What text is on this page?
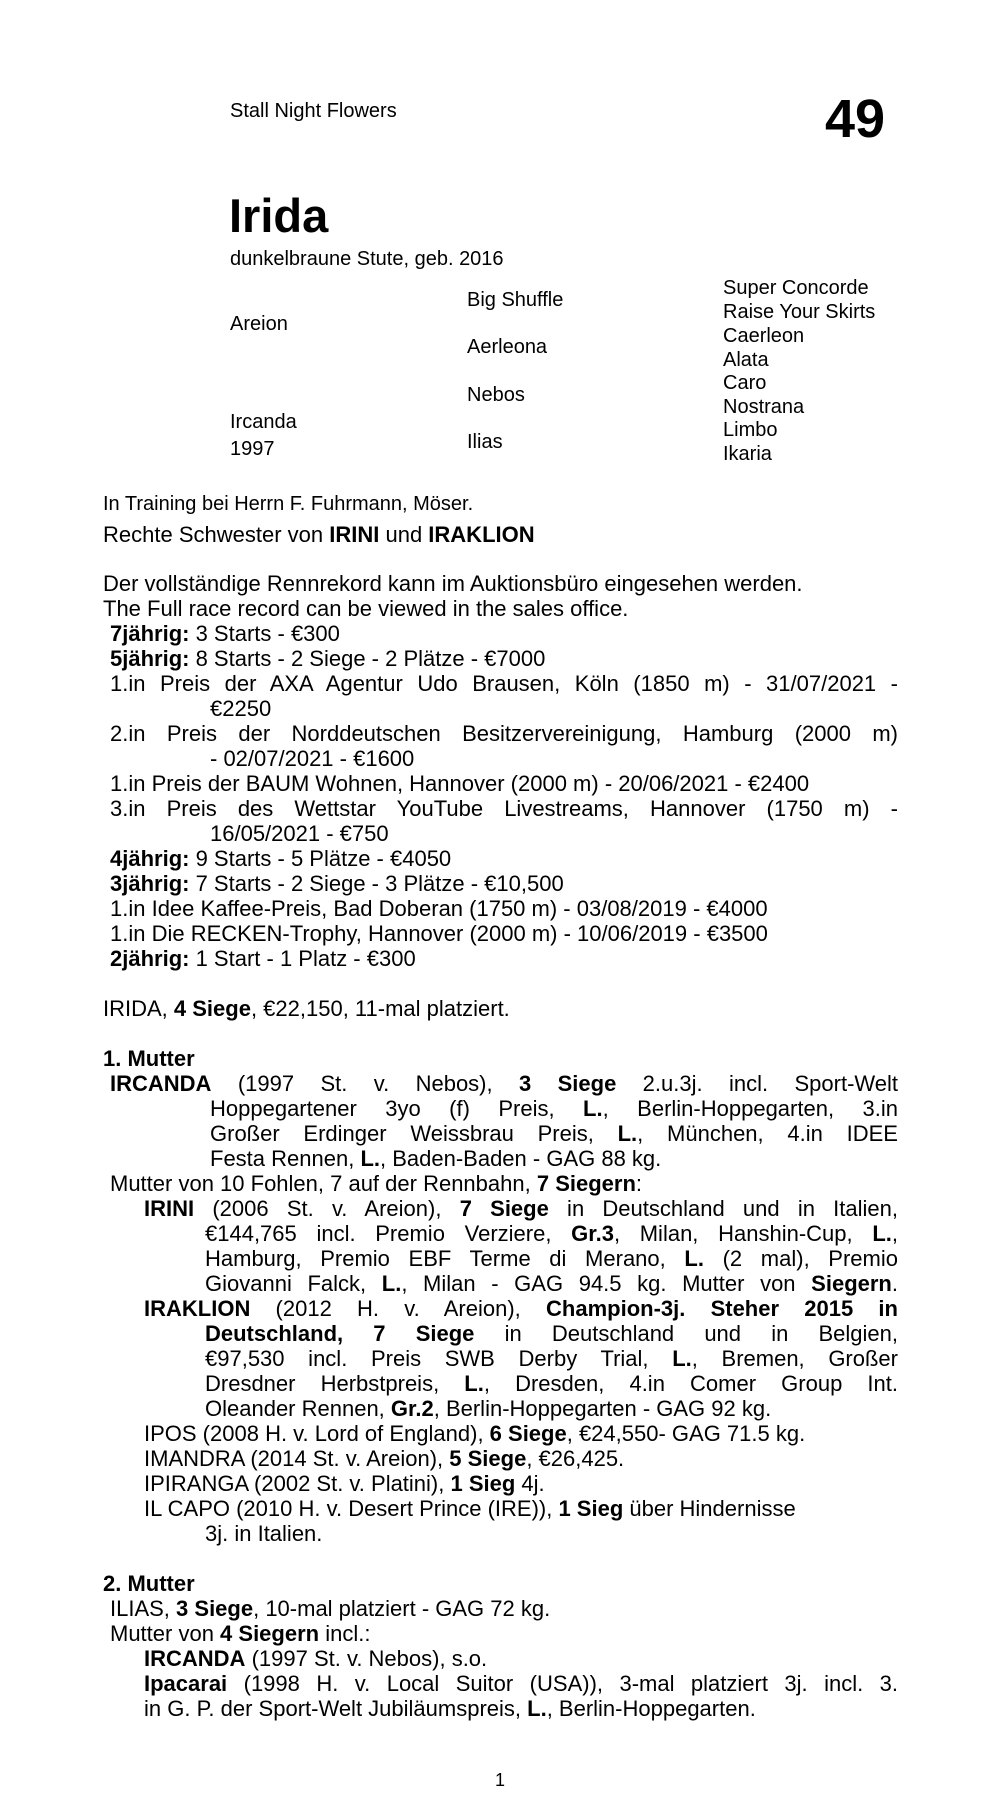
Stall Night Flowers	49
Irida
dunkelbraune Stute, geb. 2016
Areion
Ircanda
1997
Big Shuffle
Aerleona
Nebos
Ilias
Super Concorde
Raise Your Skirts
Caerleon
Alata
Caro
Nostrana
Limbo
Ikaria
In Training bei Herrn F. Fuhrmann, Möser.
Rechte Schwester von IRINI und IRAKLION
Der vollständige Rennrekord kann im Auktionsbüro eingesehen werden.
The Full race record can be viewed in the sales office.
7jährig: 3 Starts - €300
5jährig: 8 Starts - 2 Siege - 2 Plätze - €7000
1.in Preis der AXA Agentur Udo Brausen, Köln (1850 m) - 31/07/2021 -
€2250
2.in Preis der Norddeutschen Besitzervereinigung, Hamburg (2000 m)
- 02/07/2021 - €1600
1.in Preis der BAUM Wohnen, Hannover (2000 m) - 20/06/2021 - €2400
3.in Preis des Wettstar YouTube Livestreams, Hannover (1750 m) -
16/05/2021 - €750
4jährig: 9 Starts - 5 Plätze - €4050
3jährig: 7 Starts - 2 Siege - 3 Plätze - €10,500
1.in Idee Kaffee-Preis, Bad Doberan (1750 m) - 03/08/2019 - €4000
1.in Die RECKEN-Trophy, Hannover (2000 m) - 10/06/2019 - €3500
2jährig: 1 Start - 1 Platz - €300
IRIDA, 4 Siege, €22,150, 11-mal platziert.
1. Mutter
IRCANDA (1997 St. v. Nebos), 3 Siege 2.u.3j. incl. Sport-Welt
Hoppegartener 3yo (f) Preis, L., Berlin-Hoppegarten, 3.in
Großer Erdinger Weissbrau Preis, L., München, 4.in IDEE
Festa Rennen, L., Baden-Baden - GAG 88 kg.
Mutter von 10 Fohlen, 7 auf der Rennbahn, 7 Siegern:
IRINI (2006 St. v. Areion), 7 Siege in Deutschland und in Italien,
€144,765 incl. Premio Verziere, Gr.3, Milan, Hanshin-Cup, L.,
Hamburg, Premio EBF Terme di Merano, L. (2 mal), Premio
Giovanni Falck, L., Milan - GAG 94.5 kg. Mutter von Siegern.
IRAKLION (2012 H. v. Areion), Champion-3j. Steher 2015 in
Deutschland, 7 Siege in Deutschland und in Belgien,
€97,530 incl. Preis SWB Derby Trial, L., Bremen, Großer
Dresdner Herbstpreis, L., Dresden, 4.in Comer Group Int.
Oleander Rennen, Gr.2, Berlin-Hoppegarten - GAG 92 kg.
IPOS (2008 H. v. Lord of England), 6 Siege, €24,550- GAG 71.5 kg.
IMANDRA (2014 St. v. Areion), 5 Siege, €26,425.
IPIRANGA (2002 St. v. Platini), 1 Sieg 4j.
IL CAPO (2010 H. v. Desert Prince (IRE)), 1 Sieg über Hindernisse
3j. in Italien.
2. Mutter
ILIAS, 3 Siege, 10-mal platziert - GAG 72 kg.
Mutter von 4 Siegern incl.:
IRCANDA (1997 St. v. Nebos), s.o.
Ipacarai (1998 H. v. Local Suitor (USA)), 3-mal platziert 3j. incl. 3.
in G. P. der Sport-Welt Jubiläumspreis, L., Berlin-Hoppegarten.
1
